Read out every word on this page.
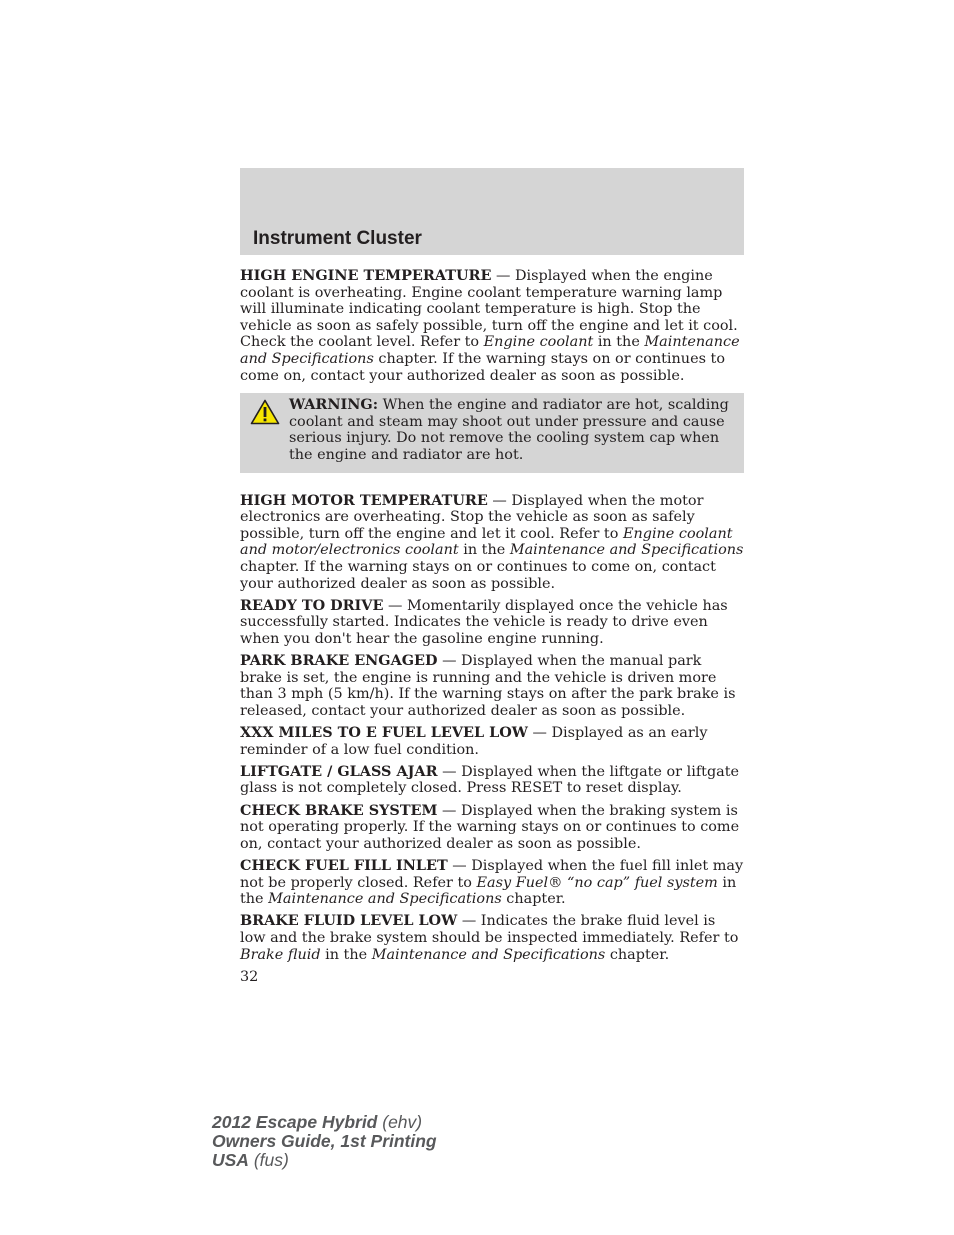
Instrument Cluster

HIGH ENGINE TEMPERATURE — Displayed when the engine coolant is overheating. Engine coolant temperature warning lamp will illuminate indicating coolant temperature is high. Stop the vehicle as soon as safely possible, turn off the engine and let it cool. Check the coolant level. Refer to Engine coolant in the Maintenance and Specifications chapter. If the warning stays on or continues to come on, contact your authorized dealer as soon as possible.

WARNING: When the engine and radiator are hot, scalding coolant and steam may shoot out under pressure and cause serious injury. Do not remove the cooling system cap when the engine and radiator are hot.

HIGH MOTOR TEMPERATURE — Displayed when the motor electronics are overheating. Stop the vehicle as soon as safely possible, turn off the engine and let it cool. Refer to Engine coolant and motor/electronics coolant in the Maintenance and Specifications chapter. If the warning stays on or continues to come on, contact your authorized dealer as soon as possible.

READY TO DRIVE — Momentarily displayed once the vehicle has successfully started. Indicates the vehicle is ready to drive even when you don't hear the gasoline engine running.

PARK BRAKE ENGAGED — Displayed when the manual park brake is set, the engine is running and the vehicle is driven more than 3 mph (5 km/h). If the warning stays on after the park brake is released, contact your authorized dealer as soon as possible.

XXX MILES TO E FUEL LEVEL LOW — Displayed as an early reminder of a low fuel condition.

LIFTGATE / GLASS AJAR — Displayed when the liftgate or liftgate glass is not completely closed. Press RESET to reset display.

CHECK BRAKE SYSTEM — Displayed when the braking system is not operating properly. If the warning stays on or continues to come on, contact your authorized dealer as soon as possible.

CHECK FUEL FILL INLET — Displayed when the fuel fill inlet may not be properly closed. Refer to Easy Fuel® “no cap” fuel system in the Maintenance and Specifications chapter.

BRAKE FLUID LEVEL LOW — Indicates the brake fluid level is low and the brake system should be inspected immediately. Refer to Brake fluid in the Maintenance and Specifications chapter.

32
2012 Escape Hybrid (ehv)
Owners Guide, 1st Printing
USA (fus)
